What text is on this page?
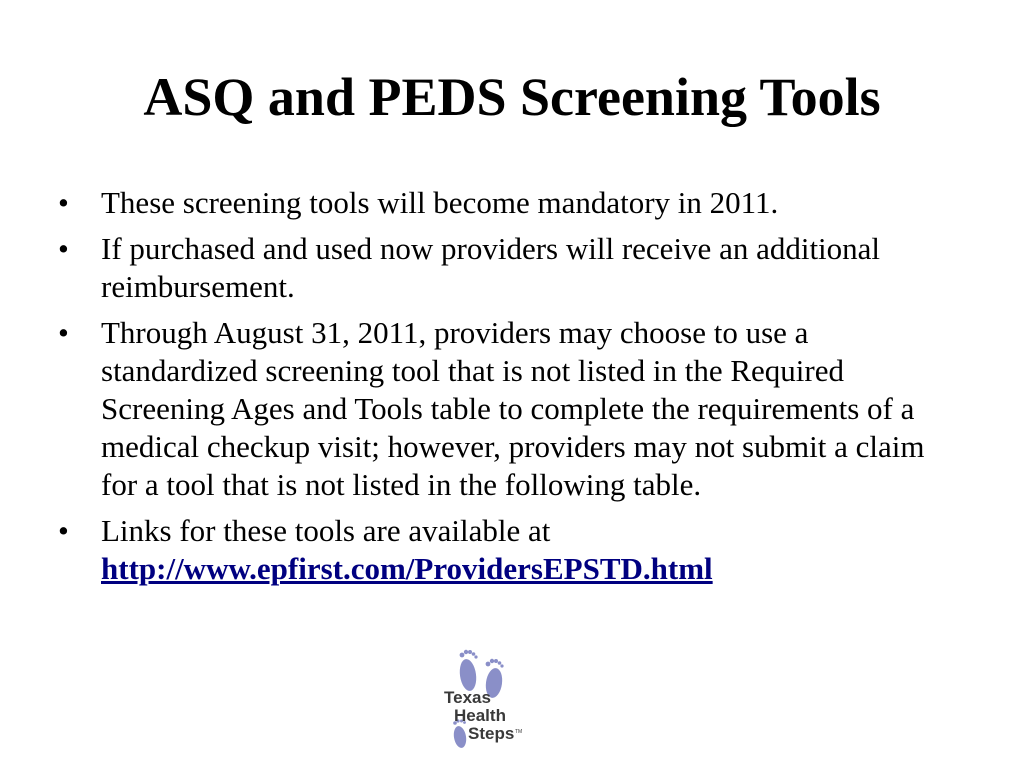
ASQ and PEDS Screening Tools
• These screening tools will become mandatory in 2011.
• If purchased and used now providers will receive an additional reimbursement.
• Through August 31, 2011, providers may choose to use a standardized screening tool that is not listed in the Required Screening Ages and Tools table to complete the requirements of a medical checkup visit; however, providers may not submit a claim for a tool that is not listed in the following table.
• Links for these tools are available at
http://www.epfirst.com/ProvidersEPSTD.html
Texas
Health
Steps TM
